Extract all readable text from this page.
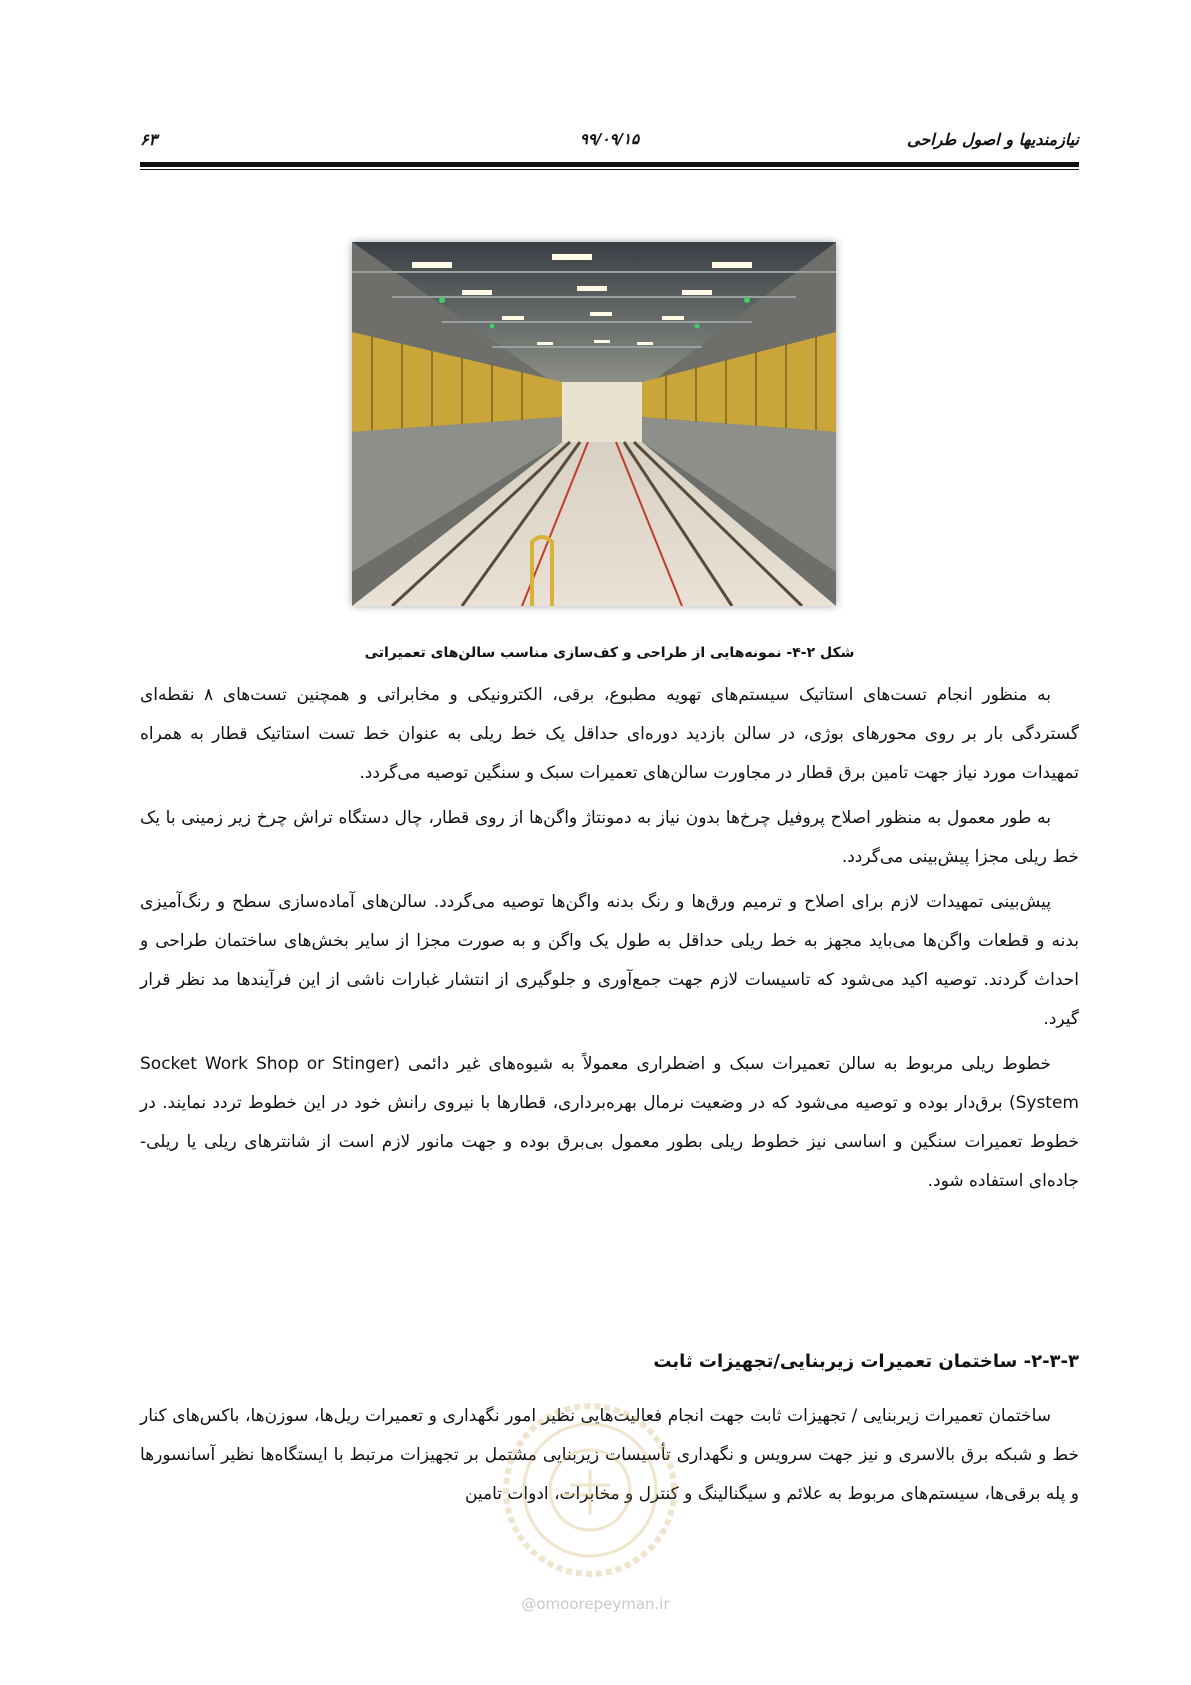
نیازمندیها و اصول طراحی
۹۹/۰۹/۱۵
۶۳
شکل ۲-۴- نمونه‌هایی از طراحی و کف‌سازی مناسب سالن‌های تعمیراتی

به منظور انجام تست‌های استاتیک سیستم‌های تهویه مطبوع، برقی، الکترونیکی و مخابراتی و همچنین تست‌های ۸ نقطه‌ای گستردگی بار بر روی محورهای بوژی، در سالن بازدید دوره‌ای حداقل یک خط ریلی به عنوان خط تست استاتیک قطار به همراه تمهیدات مورد نیاز جهت تامین برق قطار در مجاورت سالن‌های تعمیرات سبک و سنگین توصیه می‌گردد.

به طور معمول به منظور اصلاح پروفیل چرخ‌ها بدون نیاز به دمونتاژ واگن‌ها از روی قطار، چال دستگاه تراش چرخ زیر زمینی با یک خط ریلی مجزا پیش‌بینی می‌گردد.

پیش‌بینی تمهیدات لازم برای اصلاح و ترمیم ورق‌ها و رنگ بدنه واگن‌ها توصیه می‌گردد. سالن‌های آماده‌سازی سطح و رنگ‌آمیزی بدنه و قطعات واگن‌ها می‌باید مجهز به خط ریلی حداقل به طول یک واگن و به صورت مجزا از سایر بخش‌های ساختمان طراحی و احداث گردند. توصیه اکید می‌شود که تاسیسات لازم جهت جمع‌آوری و جلوگیری از انتشار غبارات ناشی از این فرآیندها مد نظر قرار گیرد.

خطوط ریلی مربوط به سالن تعمیرات سبک و اضطراری معمولاً به شیوه‌های غیر دائمی (Socket Work Shop or Stinger System) برق‌دار بوده و توصیه می‌شود که در وضعیت نرمال بهره‌برداری، قطارها با نیروی رانش خود در این خطوط تردد نمایند. در خطوط تعمیرات سنگین و اساسی نیز خطوط ریلی بطور معمول بی‌برق بوده و جهت مانور لازم است از شانترهای ریلی یا ریلی- جاده‌ای استفاده شود.

۲-۳-۳- ساختمان تعمیرات زیربنایی/تجهیزات ثابت

ساختمان تعمیرات زیربنایی / تجهیزات ثابت جهت انجام فعالیت‌هایی نظیر امور نگهداری و تعمیرات ریل‌ها، سوزن‌ها، باکس‌های کنار خط و شبکه برق بالاسری و نیز جهت سرویس و نگهداری تأسیسات زیربنایی مشتمل بر تجهیزات مرتبط با ایستگاه‌ها نظیر آسانسورها و پله برقی‌ها، سیستم‌های مربوط به علائم و سیگنالینگ و کنترل و مخابرات، ادوات تامین

@omoorepeyman.ir
